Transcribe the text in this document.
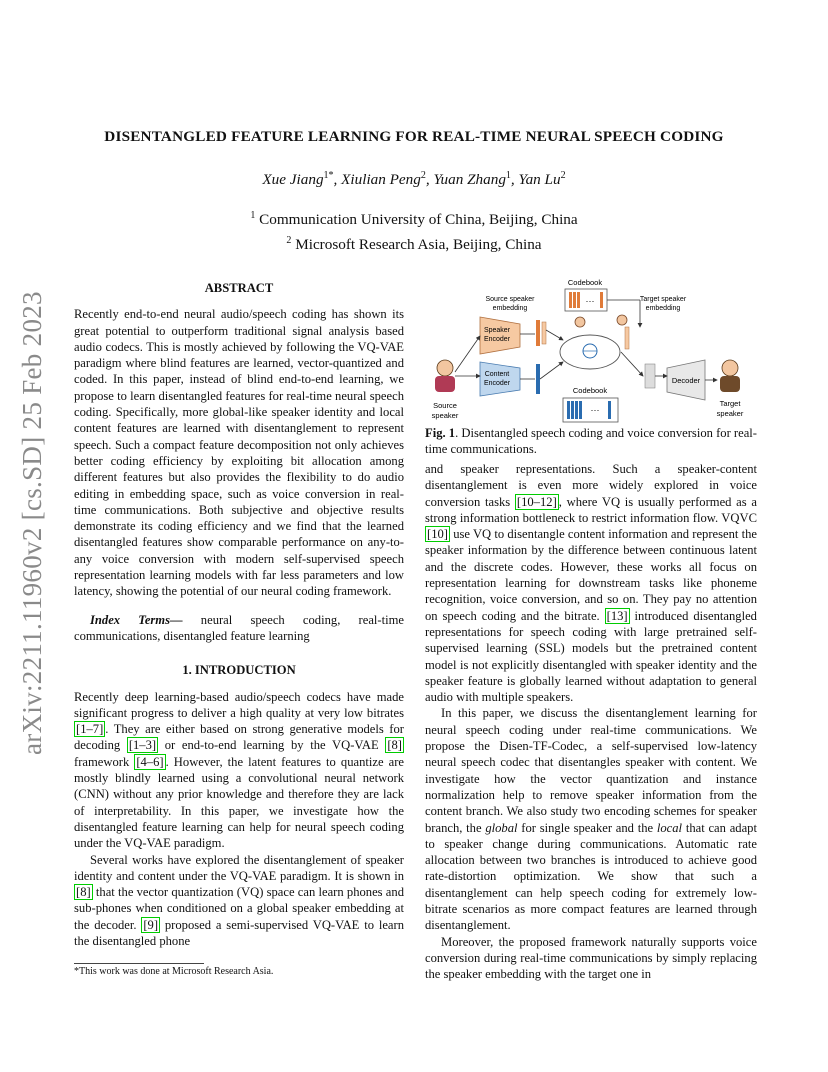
arXiv:2211.11960v2 [cs.SD] 25 Feb 2023
DISENTANGLED FEATURE LEARNING FOR REAL-TIME NEURAL SPEECH CODING
Xue Jiang$^{1*}$, Xiulian Peng$^2$, Yuan Zhang$^1$, Yan Lu$^2$
$^1$ Communication University of China, Beijing, China
$^2$ Microsoft Research Asia, Beijing, China
ABSTRACT

Recently end-to-end neural audio/speech coding has shown its great potential to outperform traditional signal analysis based audio codecs. This is mostly achieved by following the VQ-VAE paradigm where blind features are learned, vector-quantized and coded. In this paper, instead of blind end-to-end learning, we propose to learn disentangled features for real-time neural speech coding. Specifically, more global-like speaker identity and local content features are learned with disentanglement to represent speech. Such a compact feature decomposition not only achieves better coding efficiency by exploiting bit allocation among different features but also provides the flexibility to do audio editing in embedding space, such as voice conversion in real-time communications. Both subjective and objective results demonstrate its coding efficiency and we find that the learned disentangled features show comparable performance on any-to-any voice conversion with modern self-supervised speech representation learning models with far less parameters and low latency, showing the potential of our neural coding framework.

Index Terms— neural speech coding, real-time communications, disentangled feature learning

1. INTRODUCTION

Recently deep learning-based audio/speech codecs have made significant progress to deliver a high quality at very low bitrates [1–7] . They are either based on strong generative models for decoding [1–3] or end-to-end learning by the VQ-VAE [8] framework [4–6] . However, the latent features to quantize are mostly blindly learned using a convolutional neural network (CNN) without any prior knowledge and therefore they are lack of interpretability. In this paper, we investigate how the disentangled feature learning can help for neural speech coding under the VQ-VAE paradigm.

Several works have explored the disentanglement of speaker identity and content under the VQ-VAE paradigm. It is shown in [8] that the vector quantization (VQ) space can learn phones and sub-phones when conditioned on a global speaker embedding at the decoder. [9] proposed a semi-supervised VQ-VAE to learn the disentangled phone

*This work was done at Microsoft Research Asia.
Codebook
···
Source speaker embedding
Target speaker embedding
Speaker Encoder
Content Encoder
Codebook
···
Decoder
Source speaker
Target speaker

Fig. 1. Disentangled speech coding and voice conversion for real-time communications.

and speaker representations. Such a speaker-content disentanglement is even more widely explored in voice conversion tasks [10–12] , where VQ is usually performed as a strong information bottleneck to restrict information flow. VQVC [10] use VQ to disentangle content information and represent the speaker information by the difference between continuous latent and the discrete codes. However, these works all focus on representation learning for downstream tasks like phoneme recognition, voice conversion, and so on. They pay no attention on speech coding and the bitrate. [13] introduced disentangled representations for speech coding with large pretrained self-supervised learning (SSL) models but the pretrained content model is not explicitly disentangled with speaker identity and the speaker feature is globally learned without adaptation to general audio with multiple speakers.

In this paper, we discuss the disentanglement learning for neural speech coding under real-time communications. We propose the Disen-TF-Codec, a self-supervised low-latency neural speech codec that disentangles speaker with content. We investigate how the vector quantization and instance normalization help to remove speaker information from the content branch. We also study two encoding schemes for speaker branch, the global for single speaker and the local that can adapt to speaker change during communications. Automatic rate allocation between two branches is introduced to achieve good rate-distortion optimization. We show that such a disentanglement can help speech coding for extremely low-bitrate scenarios as more compact features are learned through disentanglement.

Moreover, the proposed framework naturally supports voice conversion during real-time communications by simply replacing the speaker embedding with the target one in
